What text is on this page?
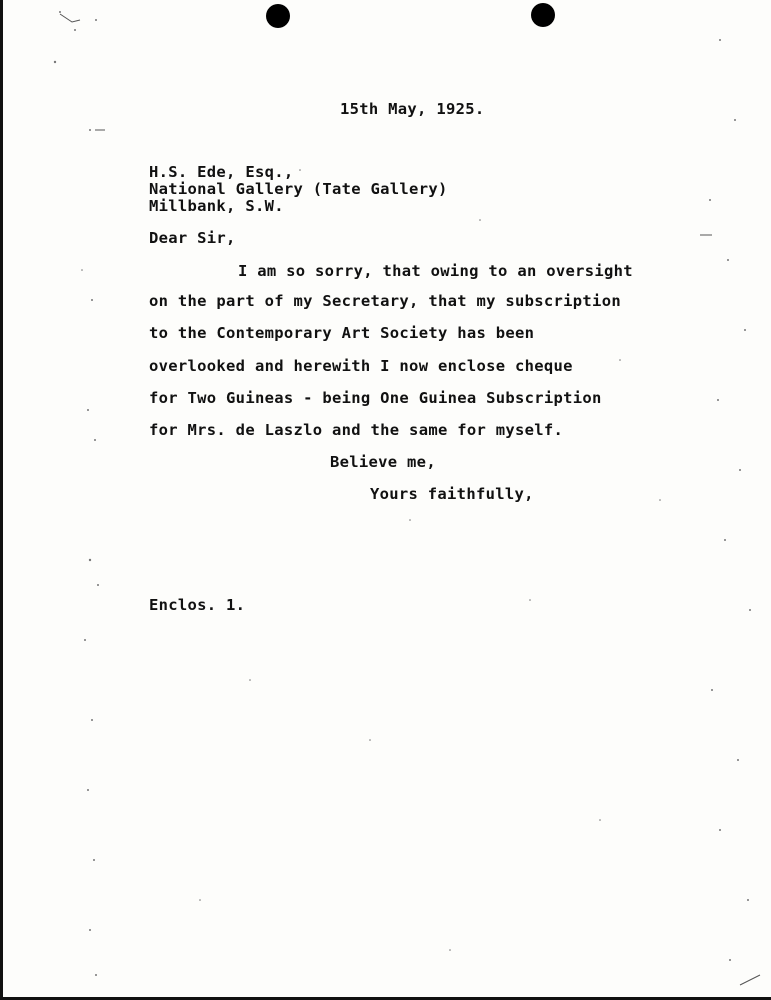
15th May, 1925.
H.S. Ede, Esq.,
National Gallery (Tate Gallery)
Millbank, S.W.
Dear Sir,
I am so sorry, that owing to an oversight
on the part of my Secretary, that my subscription
to the Contemporary Art Society has been
overlooked and herewith I now enclose cheque
for Two Guineas - being One Guinea Subscription
for Mrs. de Laszlo and the same for myself.
Believe me,
Yours faithfully,
Enclos. 1.
